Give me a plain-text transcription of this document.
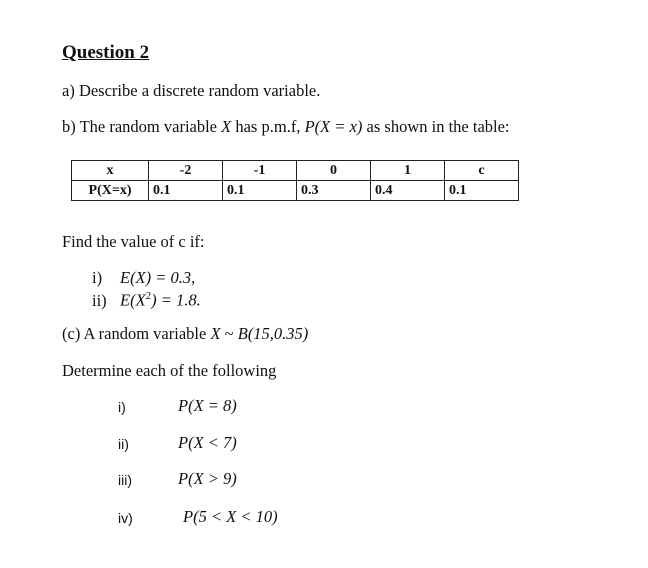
Question 2
a) Describe a discrete random variable.
b) The random variable X has p.m.f, P(X = x) as shown in the table:
x	-2	-1	0	1	c
P(X=x)	0.1	0.1	0.3	0.4	0.1
Find the value of c if:
i) E(X) = 0.3,
ii) $E(X^2) = 1.8$.
(c) A random variable X ~ B(15,0.35)
Determine each of the following
i)	P(X = 8)
ii)	P(X < 7)
iii)	P(X > 9)
iv)	P(5 < X < 10)
